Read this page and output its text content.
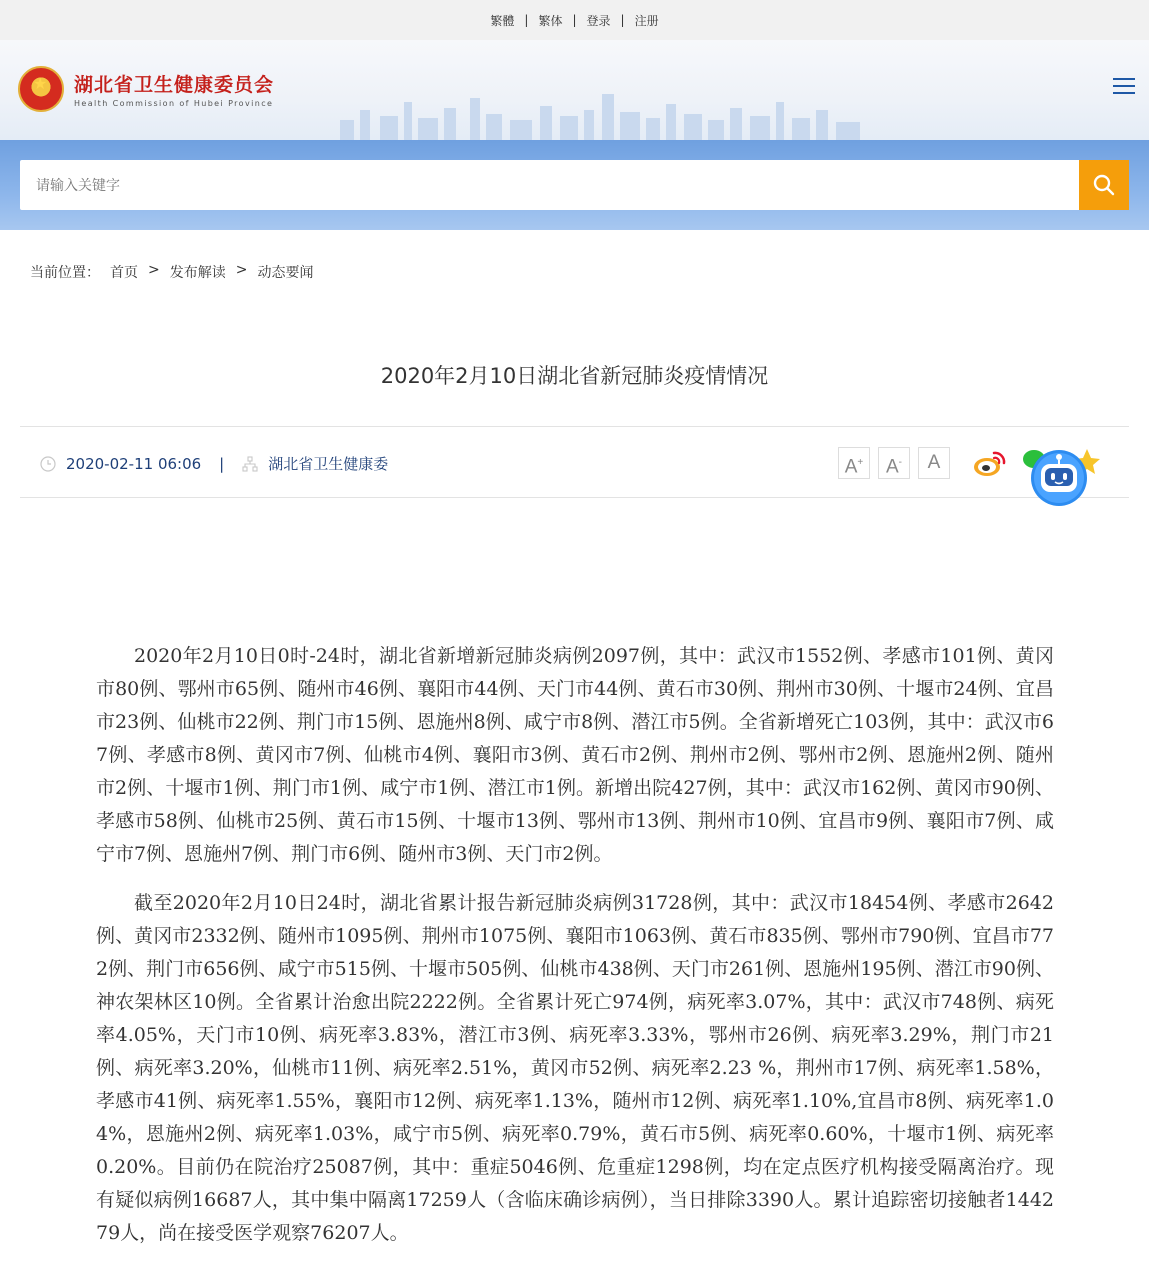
繁體 | 繁体 | 登录 | 注册
★
湖北省卫生健康委员会
Health Commission of Hubei Province
请输入关键字
当前位置： 首页 > 发布解读 > 动态要闻
2020年2月10日湖北省新冠肺炎疫情情况
2020-02-11 06:06 |	湖北省卫生健康委	A+	A-	A

2020年2月10日0时-24时，湖北省新增新冠肺炎病例2097例，其中：武汉市1552例、孝感市101例、黄冈市80例、鄂州市65例、随州市46例、襄阳市44例、天门市44例、黄石市30例、荆州市30例、十堰市24例、宜昌市23例、仙桃市22例、荆门市15例、恩施州8例、咸宁市8例、潜江市5例。全省新增死亡103例，其中：武汉市67例、孝感市8例、黄冈市7例、仙桃市4例、襄阳市3例、黄石市2例、荆州市2例、鄂州市2例、恩施州2例、随州市2例、十堰市1例、荆门市1例、咸宁市1例、潜江市1例。新增出院427例，其中：武汉市162例、黄冈市90例、孝感市58例、仙桃市25例、黄石市15例、十堰市13例、鄂州市13例、荆州市10例、宜昌市9例、襄阳市7例、咸宁市7例、恩施州7例、荆门市6例、随州市3例、天门市2例。

截至2020年2月10日24时，湖北省累计报告新冠肺炎病例31728例，其中：武汉市18454例、孝感市2642例、黄冈市2332例、随州市1095例、荆州市1075例、襄阳市1063例、黄石市835例、鄂州市790例、宜昌市772例、荆门市656例、咸宁市515例、十堰市505例、仙桃市438例、天门市261例、恩施州195例、潜江市90例、神农架林区10例。全省累计治愈出院2222例。全省累计死亡974例，病死率3.07%，其中：武汉市748例、病死率4.05%，天门市10例、病死率3.83%，潜江市3例、病死率3.33%，鄂州市26例、病死率3.29%，荆门市21例、病死率3.20%，仙桃市11例、病死率2.51%，黄冈市52例、病死率2.23 %，荆州市17例、病死率1.58%，孝感市41例、病死率1.55%，襄阳市12例、病死率1.13%，随州市12例、病死率1.10%,宜昌市8例、病死率1.04%，恩施州2例、病死率1.03%，咸宁市5例、病死率0.79%，黄石市5例、病死率0.60%，十堰市1例、病死率0.20%。目前仍在院治疗25087例，其中：重症5046例、危重症1298例，均在定点医疗机构接受隔离治疗。现有疑似病例16687人，其中集中隔离17259人（含临床确诊病例），当日排除3390人。累计追踪密切接触者144279人，尚在接受医学观察76207人。
